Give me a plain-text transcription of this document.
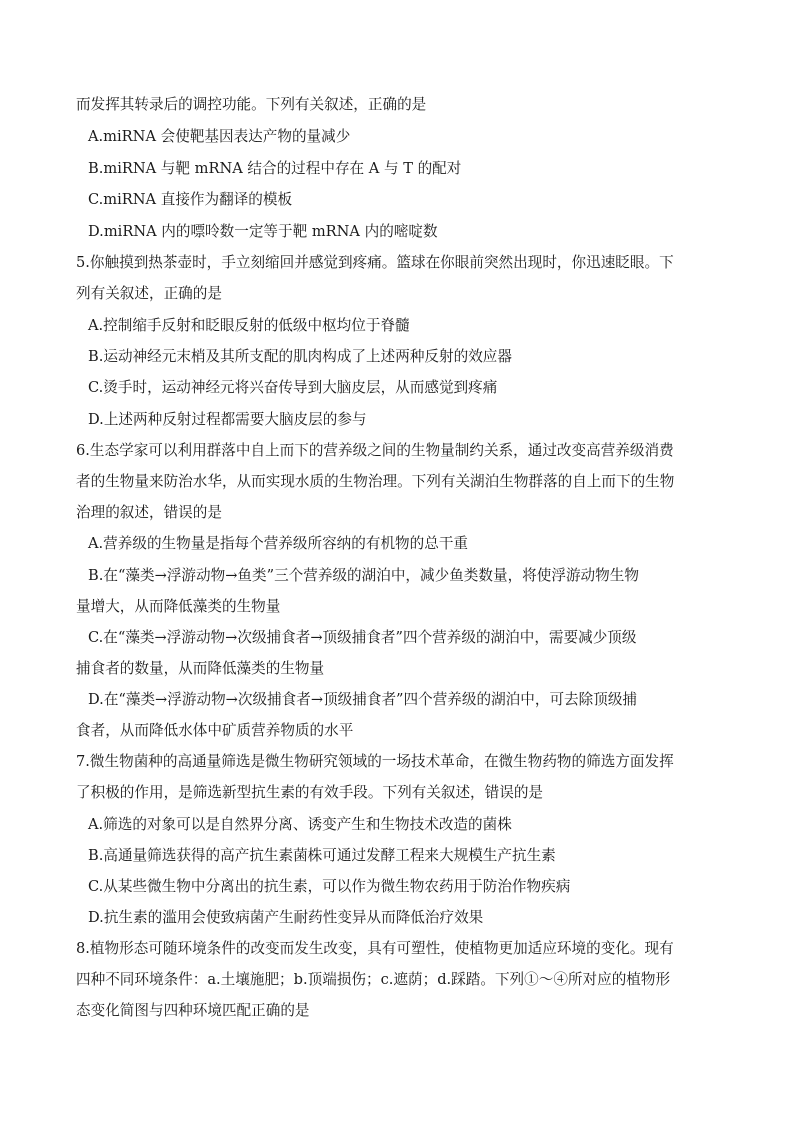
而发挥其转录后的调控功能。下列有关叙述，正确的是
A.miRNA 会使靶基因表达产物的量减少
B.miRNA 与靶 mRNA 结合的过程中存在 A 与 T 的配对
C.miRNA 直接作为翻译的模板
D.miRNA 内的嘌呤数一定等于靶 mRNA 内的嘧啶数
5.你触摸到热茶壶时，手立刻缩回并感觉到疼痛。篮球在你眼前突然出现时，你迅速眨眼。下
列有关叙述，正确的是
A.控制缩手反射和眨眼反射的低级中枢均位于脊髓
B.运动神经元末梢及其所支配的肌肉构成了上述两种反射的效应器
C.烫手时，运动神经元将兴奋传导到大脑皮层，从而感觉到疼痛
D.上述两种反射过程都需要大脑皮层的参与
6.生态学家可以利用群落中自上而下的营养级之间的生物量制约关系，通过改变高营养级消费
者的生物量来防治水华，从而实现水质的生物治理。下列有关湖泊生物群落的自上而下的生物
治理的叙述，错误的是
A.营养级的生物量是指每个营养级所容纳的有机物的总干重
B.在“藻类→浮游动物→鱼类”三个营养级的湖泊中，减少鱼类数量，将使浮游动物生物
量增大，从而降低藻类的生物量
C.在“藻类→浮游动物→次级捕食者→顶级捕食者”四个营养级的湖泊中，需要减少顶级
捕食者的数量，从而降低藻类的生物量
D.在“藻类→浮游动物→次级捕食者→顶级捕食者”四个营养级的湖泊中，可去除顶级捕
食者，从而降低水体中矿质营养物质的水平
7.微生物菌种的高通量筛选是微生物研究领域的一场技术革命，在微生物药物的筛选方面发挥
了积极的作用，是筛选新型抗生素的有效手段。下列有关叙述，错误的是
A.筛选的对象可以是自然界分离、诱变产生和生物技术改造的菌株
B.高通量筛选获得的高产抗生素菌株可通过发酵工程来大规模生产抗生素
C.从某些微生物中分离出的抗生素，可以作为微生物农药用于防治作物疾病
D.抗生素的滥用会使致病菌产生耐药性变异从而降低治疗效果
8.植物形态可随环境条件的改变而发生改变，具有可塑性，使植物更加适应环境的变化。现有
四种不同环境条件：a.土壤施肥；b.顶端损伤；c.遮荫；d.踩踏。下列①～④所对应的植物形
态变化简图与四种环境匹配正确的是
